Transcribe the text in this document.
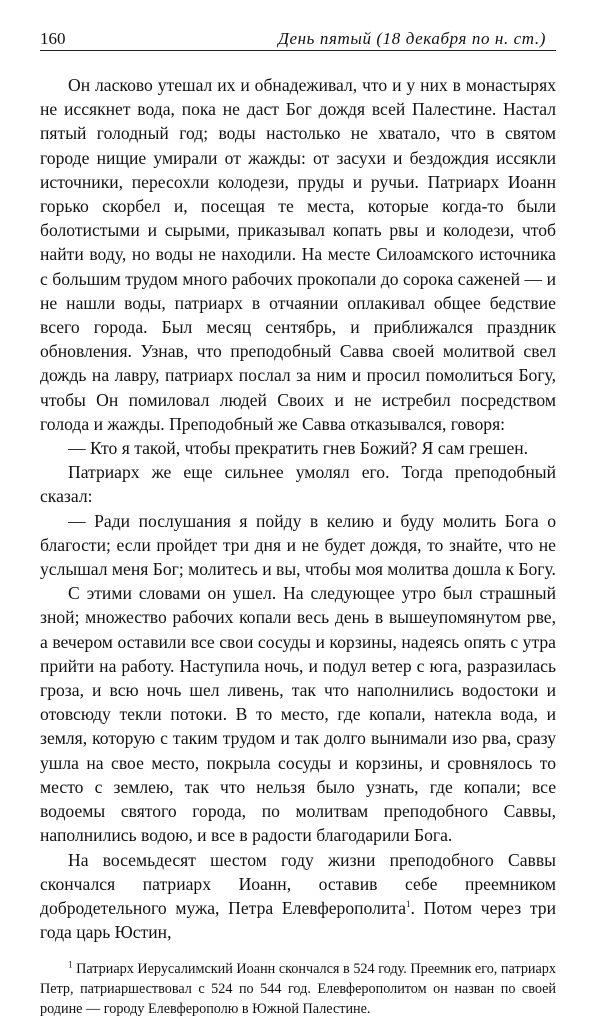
160	День пятый (18 декабря по н. ст.)

Он ласково утешал их и обнадеживал, что и у них в монастырях не иссякнет вода, пока не даст Бог дождя всей Палестине. Настал пятый голодный год; воды настолько не хватало, что в святом городе нищие умирали от жажды: от засухи и бездождия иссякли источники, пересохли колодези, пруды и ручьи. Патриарх Иоанн горько скорбел и, посещая те места, которые когда-то были болотистыми и сырыми, приказывал копать рвы и колодези, чтоб найти воду, но воды не находили. На месте Силоамского источника с большим трудом много рабочих прокопали до сорока саженей — и не нашли воды, патриарх в отчаянии оплакивал общее бедствие всего города. Был месяц сентябрь, и приближался праздник обновления. Узнав, что преподобный Савва своей молитвой свел дождь на лавру, патриарх послал за ним и просил помолиться Богу, чтобы Он помиловал людей Своих и не истребил посредством голода и жажды. Преподобный же Савва отказывался, говоря:

— Кто я такой, чтобы прекратить гнев Божий? Я сам грешен.

Патриарх же еще сильнее умолял его. Тогда преподобный сказал:

— Ради послушания я пойду в келию и буду молить Бога о благости; если пройдет три дня и не будет дождя, то знайте, что не услышал меня Бог; молитесь и вы, чтобы моя молитва дошла к Богу.

С этими словами он ушел. На следующее утро был страшный зной; множество рабочих копали весь день в вышеупомянутом рве, а вечером оставили все свои сосуды и корзины, надеясь опять с утра прийти на работу. Наступила ночь, и подул ветер с юга, разразилась гроза, и всю ночь шел ливень, так что наполнились водостоки и отовсюду текли потоки. В то место, где копали, натекла вода, и земля, которую с таким трудом и так долго вынимали изо рва, сразу ушла на свое место, покрыла сосуды и корзины, и сровнялось то место с землею, так что нельзя было узнать, где копали; все водоемы святого города, по молитвам преподобного Саввы, наполнились водою, и все в радости благодарили Бога.

На восемьдесят шестом году жизни преподобного Саввы скончался патриарх Иоанн, оставив себе преемником добродетельного мужа, Петра Елевферополита$^1$. Потом через три года царь Юстин,

$^1$ Патриарх Иерусалимский Иоанн скончался в 524 году. Преемник его, патриарх Петр, патриаршествовал с 524 по 544 год. Елевферополитом он назван по своей родине — городу Елевферополю в Южной Палестине.
